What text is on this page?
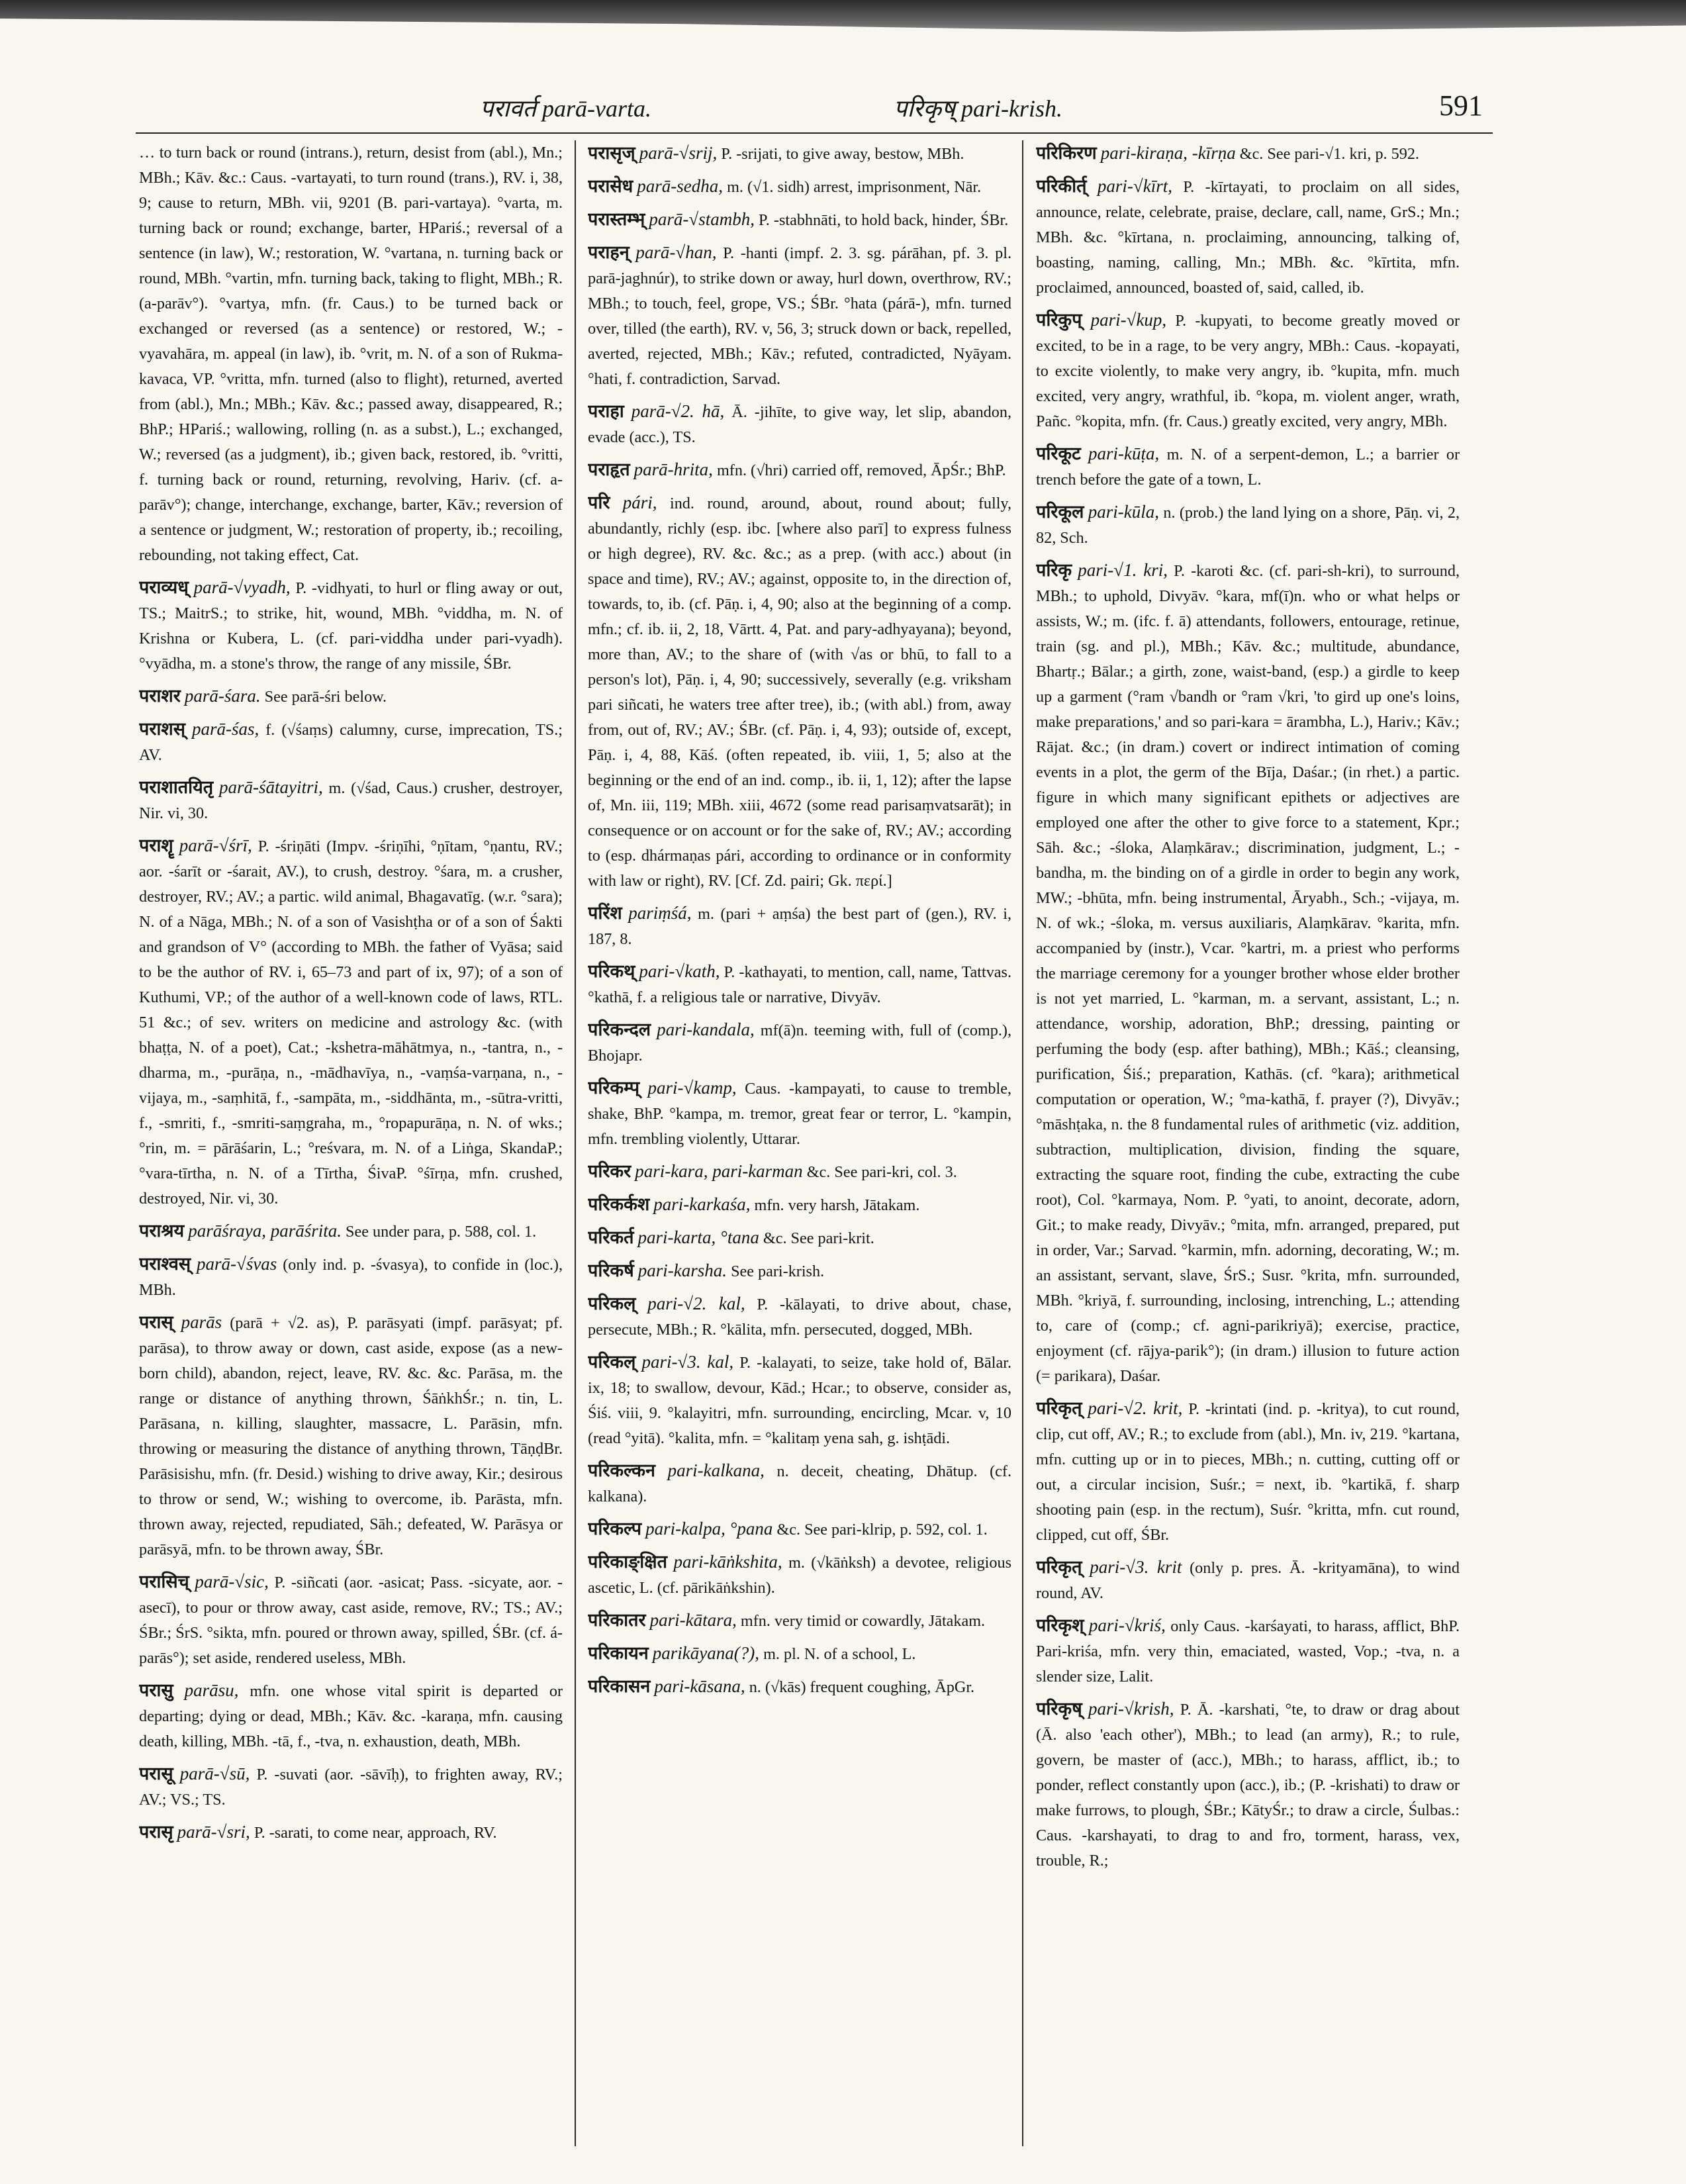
पराव‍र्त parā-varta.	परिकृष् pari-krish.	591

… to turn back or round (intrans.), return, desist from (abl.), Mn.; MBh.; Kāv. &c.: Caus. -vartayati, to turn round (trans.), RV. i, 38, 9; cause to return, MBh. vii, 9201 (B. pari-vartaya). °varta, m. turning back or round; exchange, barter, HPariś.; reversal of a sentence (in law), W.; restoration, W. °vartana, n. turning back or round, MBh. °vartin, mfn. turning back, taking to flight, MBh.; R. (a-parāv°). °vartya, mfn. (fr. Caus.) to be turned back or exchanged or reversed (as a sentence) or restored, W.; -vyavahāra, m. appeal (in law), ib. °vrit, m. N. of a son of Rukma-kavaca, VP. °vritta, mfn. turned (also to flight), returned, averted from (abl.), Mn.; MBh.; Kāv. &c.; passed away, disappeared, R.; BhP.; HPariś.; wallowing, rolling (n. as a subst.), L.; exchanged, W.; reversed (as a judgment), ib.; given back, restored, ib. °vritti, f. turning back or round, returning, revolving, Hariv. (cf. a-parāv°); change, interchange, exchange, barter, Kāv.; reversion of a sentence or judgment, W.; restoration of property, ib.; recoiling, rebounding, not taking effect, Cat.

पराव्यध् parā-√vyadh, P. -vidhyati, to hurl or fling away or out, TS.; MaitrS.; to strike, hit, wound, MBh. °viddha, m. N. of Krishna or Kubera, L. (cf. pari-viddha under pari-vyadh). °vyādha, m. a stone's throw, the range of any missile, ŚBr.

पराशर parā-śara. See parā-śri below.

पराशस् parā-śas, f. (√śaṃs) calumny, curse, imprecation, TS.; AV.

पराशातयितृ parā-śātayitri, m. (√śad, Caus.) crusher, destroyer, Nir. vi, 30.

पराशॄ parā-√śrī, P. -śriṇāti (Impv. -śriṇīhi, °ṇītam, °ṇantu, RV.; aor. -śarīt or -śarait, AV.), to crush, destroy. °śara, m. a crusher, destroyer, RV.; AV.; a partic. wild animal, Bhagavatīg. (w.r. °sara); N. of a Nāga, MBh.; N. of a son of Vasishṭha or of a son of Śakti and grandson of V° (according to MBh. the father of Vyāsa; said to be the author of RV. i, 65–73 and part of ix, 97); of a son of Kuthumi, VP.; of the author of a well-known code of laws, RTL. 51 &c.; of sev. writers on medicine and astrology &c. (with bhaṭṭa, N. of a poet), Cat.; -kshetra-māhātmya, n., -tantra, n., -dharma, m., -purāṇa, n., -mādhavīya, n., -vaṃśa-varṇana, n., -vijaya, m., -saṃhitā, f., -sampāta, m., -siddhānta, m., -sūtra-vritti, f., -smriti, f., -smriti-saṃgraha, m., °ropapurāṇa, n. N. of wks.; °rin, m. = pārāśarin, L.; °reśvara, m. N. of a Liṅga, SkandaP.; °vara-tīrtha, n. N. of a Tīrtha, ŚivaP. °śīrṇa, mfn. crushed, destroyed, Nir. vi, 30.

पराश्रय parāśraya, parāśrita. See under para, p. 588, col. 1.

पराश्वस् parā-√śvas (only ind. p. -śvasya), to confide in (loc.), MBh.

परास् parās (parā + √2. as), P. parāsyati (impf. parāsyat; pf. parāsa), to throw away or down, cast aside, expose (as a new-born child), abandon, reject, leave, RV. &c. &c. Parāsa, m. the range or distance of anything thrown, ŚāṅkhŚr.; n. tin, L. Parāsana, n. killing, slaughter, massacre, L. Parāsin, mfn. throwing or measuring the distance of anything thrown, TāṇḍBr. Parāsisishu, mfn. (fr. Desid.) wishing to drive away, Kir.; desirous to throw or send, W.; wishing to overcome, ib. Parāsta, mfn. thrown away, rejected, repudiated, Sāh.; defeated, W. Parāsya or parāsyā, mfn. to be thrown away, ŚBr.

परासिच् parā-√sic, P. -siñcati (aor. -asicat; Pass. -sicyate, aor. -asecī), to pour or throw away, cast aside, remove, RV.; TS.; AV.; ŚBr.; ŚrS. °sikta, mfn. poured or thrown away, spilled, ŚBr. (cf. á-parās°); set aside, rendered useless, MBh.

परासु parāsu, mfn. one whose vital spirit is departed or departing; dying or dead, MBh.; Kāv. &c. -karaṇa, mfn. causing death, killing, MBh. -tā, f., -tva, n. exhaustion, death, MBh.

परासू parā-√sū, P. -suvati (aor. -sāvīḥ), to frighten away, RV.; AV.; VS.; TS.

परासृ parā-√sri, P. -sarati, to come near, approach, RV.

परासृज् parā-√srij, P. -srijati, to give away, bestow, MBh.

परासेध parā-sedha, m. (√1. sidh) arrest, imprisonment, Nār.

परास्तम्भ् parā-√stambh, P. -stabhnāti, to hold back, hinder, ŚBr.

पराहन् parā-√han, P. -hanti (impf. 2. 3. sg. párāhan, pf. 3. pl. parā-jaghnúr), to strike down or away, hurl down, overthrow, RV.; MBh.; to touch, feel, grope, VS.; ŚBr. °hata (párā-), mfn. turned over, tilled (the earth), RV. v, 56, 3; struck down or back, repelled, averted, rejected, MBh.; Kāv.; refuted, contradicted, Nyāyam. °hati, f. contradiction, Sarvad.

पराहा parā-√2. hā, Ā. -jihīte, to give way, let slip, abandon, evade (acc.), TS.

पराहृत parā-hrita, mfn. (√hri) carried off, removed, ĀpŚr.; BhP.

परि pári, ind. round, around, about, round about; fully, abundantly, richly (esp. ibc. [where also parī] to express fulness or high degree), RV. &c. &c.; as a prep. (with acc.) about (in space and time), RV.; AV.; against, opposite to, in the direction of, towards, to, ib. (cf. Pāṇ. i, 4, 90; also at the beginning of a comp. mfn.; cf. ib. ii, 2, 18, Vārtt. 4, Pat. and pary-adhyayana); beyond, more than, AV.; to the share of (with √as or bhū, to fall to a person's lot), Pāṇ. i, 4, 90; successively, severally (e.g. vriksham pari siñcati, he waters tree after tree), ib.; (with abl.) from, away from, out of, RV.; AV.; ŚBr. (cf. Pāṇ. i, 4, 93); outside of, except, Pāṇ. i, 4, 88, Kāś. (often repeated, ib. viii, 1, 5; also at the beginning or the end of an ind. comp., ib. ii, 1, 12); after the lapse of, Mn. iii, 119; MBh. xiii, 4672 (some read parisaṃvatsarāt); in consequence or on account or for the sake of, RV.; AV.; according to (esp. dhármaṇas pári, according to ordinance or in conformity with law or right), RV. [Cf. Zd. pairi; Gk. περί.]

परिंश pariṃśá, m. (pari + aṃśa) the best part of (gen.), RV. i, 187, 8.

परिकथ् pari-√kath, P. -kathayati, to mention, call, name, Tattvas. °kathā, f. a religious tale or narrative, Divyāv.

परिकन्दल pari-kandala, mf(ā)n. teeming with, full of (comp.), Bhojapr.

परिकम्प् pari-√kamp, Caus. -kampayati, to cause to tremble, shake, BhP. °kampa, m. tremor, great fear or terror, L. °kampin, mfn. trembling violently, Uttarar.

परिकर pari-kara, pari-karman &c. See pari-kri, col. 3.

परिकर्कश pari-karkaśa, mfn. very harsh, Jātakam.

परिकर्त pari-karta, °tana &c. See pari-krit.

परिकर्ष pari-karsha. See pari-krish.

परिकल् pari-√2. kal, P. -kālayati, to drive about, chase, persecute, MBh.; R. °kālita, mfn. persecuted, dogged, MBh.

परिकल् pari-√3. kal, P. -kalayati, to seize, take hold of, Bālar. ix, 18; to swallow, devour, Kād.; Hcar.; to observe, consider as, Śiś. viii, 9. °kalayitri, mfn. surrounding, encircling, Mcar. v, 10 (read °yitā). °kalita, mfn. = °kalitaṃ yena sah, g. ishṭādi.

परिकल्कन pari-kalkana, n. deceit, cheating, Dhātup. (cf. kalkana).

परिकल्प pari-kalpa, °pana &c. See pari-klrip, p. 592, col. 1.

परिकाङ्क्षित pari-kāṅkshita, m. (√kāṅksh) a devotee, religious ascetic, L. (cf. pārikāṅkshin).

परिकातर pari-kātara, mfn. very timid or cowardly, Jātakam.

परिकायन parikāyana(?), m. pl. N. of a school, L.

परिकासन pari-kāsana, n. (√kās) frequent coughing, ĀpGr.

परिकिरण pari-kiraṇa, -kīrṇa &c. See pari-√1. kri, p. 592.

परिकीर्त् pari-√kīrt, P. -kīrtayati, to proclaim on all sides, announce, relate, celebrate, praise, declare, call, name, GrS.; Mn.; MBh. &c. °kīrtana, n. proclaiming, announcing, talking of, boasting, naming, calling, Mn.; MBh. &c. °kīrtita, mfn. proclaimed, announced, boasted of, said, called, ib.

परिकुप् pari-√kup, P. -kupyati, to become greatly moved or excited, to be in a rage, to be very angry, MBh.: Caus. -kopayati, to excite violently, to make very angry, ib. °kupita, mfn. much excited, very angry, wrathful, ib. °kopa, m. violent anger, wrath, Pañc. °kopita, mfn. (fr. Caus.) greatly excited, very angry, MBh.

परिकूट pari-kūṭa, m. N. of a serpent-demon, L.; a barrier or trench before the gate of a town, L.

परिकूल pari-kūla, n. (prob.) the land lying on a shore, Pāṇ. vi, 2, 82, Sch.

परिकृ pari-√1. kri, P. -karoti &c. (cf. pari-sh-kri), to surround, MBh.; to uphold, Divyāv. °kara, mf(ī)n. who or what helps or assists, W.; m. (ifc. f. ā) attendants, followers, entourage, retinue, train (sg. and pl.), MBh.; Kāv. &c.; multitude, abundance, Bhartṛ.; Bālar.; a girth, zone, waist-band, (esp.) a girdle to keep up a garment (°ram √bandh or °ram √kri, 'to gird up one's loins, make preparations,' and so pari-kara = ārambha, L.), Hariv.; Kāv.; Rājat. &c.; (in dram.) covert or indirect intimation of coming events in a plot, the germ of the Bīja, Daśar.; (in rhet.) a partic. figure in which many significant epithets or adjectives are employed one after the other to give force to a statement, Kpr.; Sāh. &c.; -śloka, Alaṃkārav.; discrimination, judgment, L.; -bandha, m. the binding on of a girdle in order to begin any work, MW.; -bhūta, mfn. being instrumental, Āryabh., Sch.; -vijaya, m. N. of wk.; -śloka, m. versus auxiliaris, Alaṃkārav. °karita, mfn. accompanied by (instr.), Vcar. °kartri, m. a priest who performs the marriage ceremony for a younger brother whose elder brother is not yet married, L. °karman, m. a servant, assistant, L.; n. attendance, worship, adoration, BhP.; dressing, painting or perfuming the body (esp. after bathing), MBh.; Kāś.; cleansing, purification, Śiś.; preparation, Kathās. (cf. °kara); arithmetical computation or operation, W.; °ma-kathā, f. prayer (?), Divyāv.; °māshṭaka, n. the 8 fundamental rules of arithmetic (viz. addition, subtraction, multiplication, division, finding the square, extracting the square root, finding the cube, extracting the cube root), Col. °karmaya, Nom. P. °yati, to anoint, decorate, adorn, Git.; to make ready, Divyāv.; °mita, mfn. arranged, prepared, put in order, Var.; Sarvad. °karmin, mfn. adorning, decorating, W.; m. an assistant, servant, slave, ŚrS.; Susr. °krita, mfn. surrounded, MBh. °kriyā, f. surrounding, inclosing, intrenching, L.; attending to, care of (comp.; cf. agni-parikriyā); exercise, practice, enjoyment (cf. rājya-parik°); (in dram.) illusion to future action (= parikara), Daśar.

परिकृत् pari-√2. krit, P. -krintati (ind. p. -kritya), to cut round, clip, cut off, AV.; R.; to exclude from (abl.), Mn. iv, 219. °kartana, mfn. cutting up or in to pieces, MBh.; n. cutting, cutting off or out, a circular incision, Suśr.; = next, ib. °kartikā, f. sharp shooting pain (esp. in the rectum), Suśr. °kritta, mfn. cut round, clipped, cut off, ŚBr.

परिकृत् pari-√3. krit (only p. pres. Ā. -krityamāna), to wind round, AV.

परिकृश् pari-√kriś, only Caus. -karśayati, to harass, afflict, BhP. Pari-kriśa, mfn. very thin, emaciated, wasted, Vop.; -tva, n. a slender size, Lalit.

परिकृष् pari-√krish, P. Ā. -karshati, °te, to draw or drag about (Ā. also 'each other'), MBh.; to lead (an army), R.; to rule, govern, be master of (acc.), MBh.; to harass, afflict, ib.; to ponder, reflect constantly upon (acc.), ib.; (P. -krishati) to draw or make furrows, to plough, ŚBr.; KātyŚr.; to draw a circle, Śulbas.: Caus. -karshayati, to drag to and fro, torment, harass, vex, trouble, R.;
